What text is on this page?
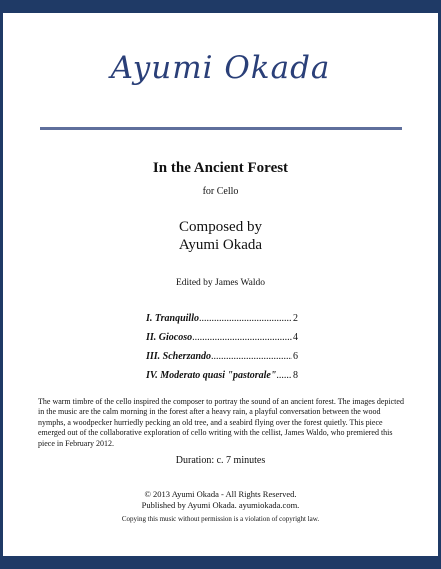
Ayumi Okada
In the Ancient Forest
for Cello
Composed by
Ayumi Okada
Edited by James Waldo
I. Tranquillo .....	2
II. Giocoso .....	4
III. Scherzando .....	6
IV. Moderato quasi "pastorale" ..... 8
The warm timbre of the cello inspired the composer to portray the sound of an ancient forest. The images depicted in the music are the calm morning in the forest after a heavy rain, a playful conversation between the wood nymphs, a woodpecker hurriedly pecking an old tree, and a seabird flying over the forest quietly. This piece emerged out of the collaborative exploration of cello writing with the cellist, James Waldo, who premiered this piece in February 2012.
Duration: c. 7 minutes
© 2013 Ayumi Okada - All Rights Reserved.
Published by Ayumi Okada. ayumiokada.com.
Copying this music without permission is a violation of copyright law.
